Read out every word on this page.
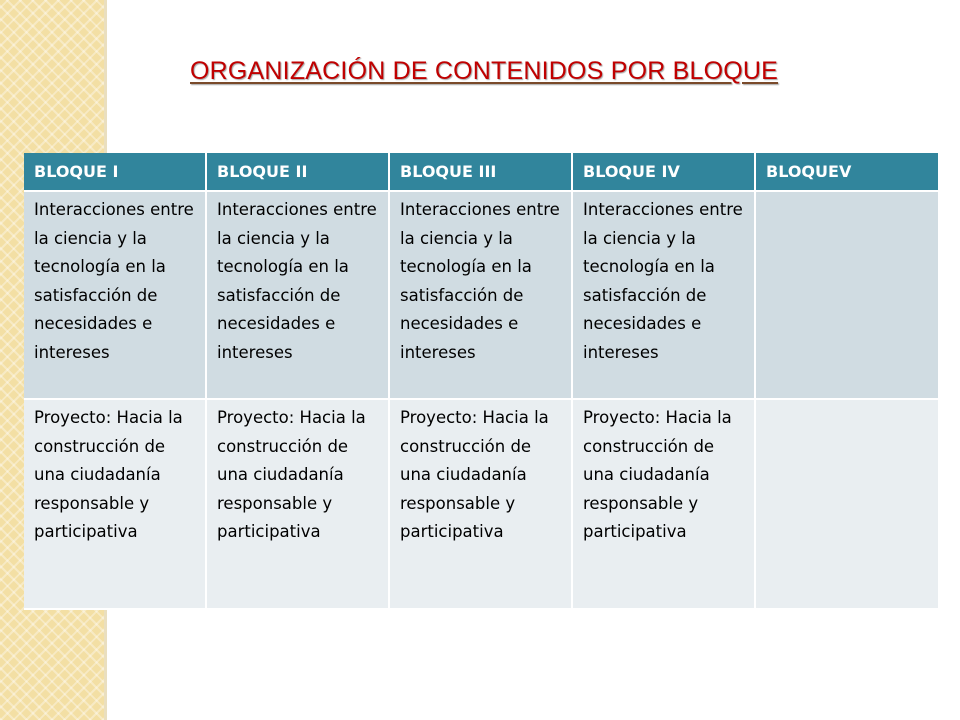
ORGANIZACIÓN DE CONTENIDOS POR BLOQUE
BLOQUE I	BLOQUE II	BLOQUE III	BLOQUE IV	BLOQUEV
Interacciones entre la ciencia y la tecnología en la satisfacción de necesidades e intereses	Interacciones entre la ciencia y la tecnología en la satisfacción de necesidades e intereses	Interacciones entre la ciencia y la tecnología en la satisfacción de necesidades e intereses	Interacciones entre la ciencia y la tecnología en la satisfacción de necesidades e intereses	
Proyecto: Hacia la construcción de una ciudadanía responsable y participativa	Proyecto: Hacia la construcción de una ciudadanía responsable y participativa	Proyecto: Hacia la construcción de una ciudadanía responsable y participativa	Proyecto: Hacia la construcción de una ciudadanía responsable y participativa	
